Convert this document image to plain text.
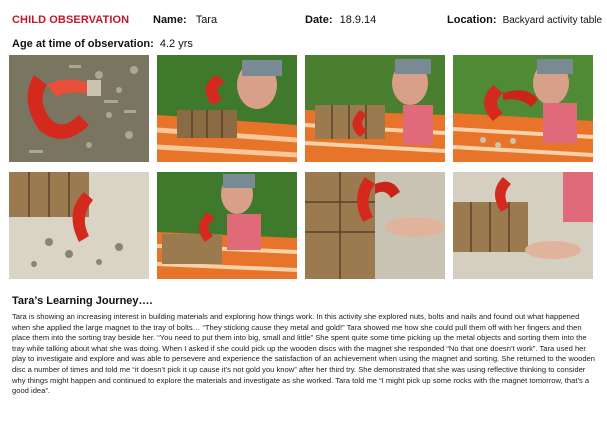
CHILD OBSERVATION Name: Tara	Date: 18.9.14	Location: Backyard activity table
Age at time of observation: 4.2 yrs
Tara’s Learning Journey….
Tara is showing an increasing interest in building materials and exploring how things work. In this activity she explored nuts, bolts and nails and found out what happened when she applied the large magnet to the tray of bolts… “They sticking cause they metal and gold!” Tara showed me how she could pull them off with her fingers and then place them into the sorting tray beside her. “You need to put them into big, small and little” She spent quite some time picking up the metal objects and sorting them into the tray while talking about what she was doing. When I asked if she could pick up the wooden discs with the magnet she responded “No that one doesn’t work”. Tara used her play to investigate and explore and was able to persevere and experience the satisfaction of an achievement when using the magnet and sorting. She returned to the wooden disc a number of times and told me “it doesn’t pick it up cause it’s not gold you know” after her third try. She demonstrated that she was using reflective thinking to consider why things might happen and continued to explore the materials and investigate as she worked. Tara told me “I might pick up some rocks with the magnet tomorrow, that’s a good idea”.
